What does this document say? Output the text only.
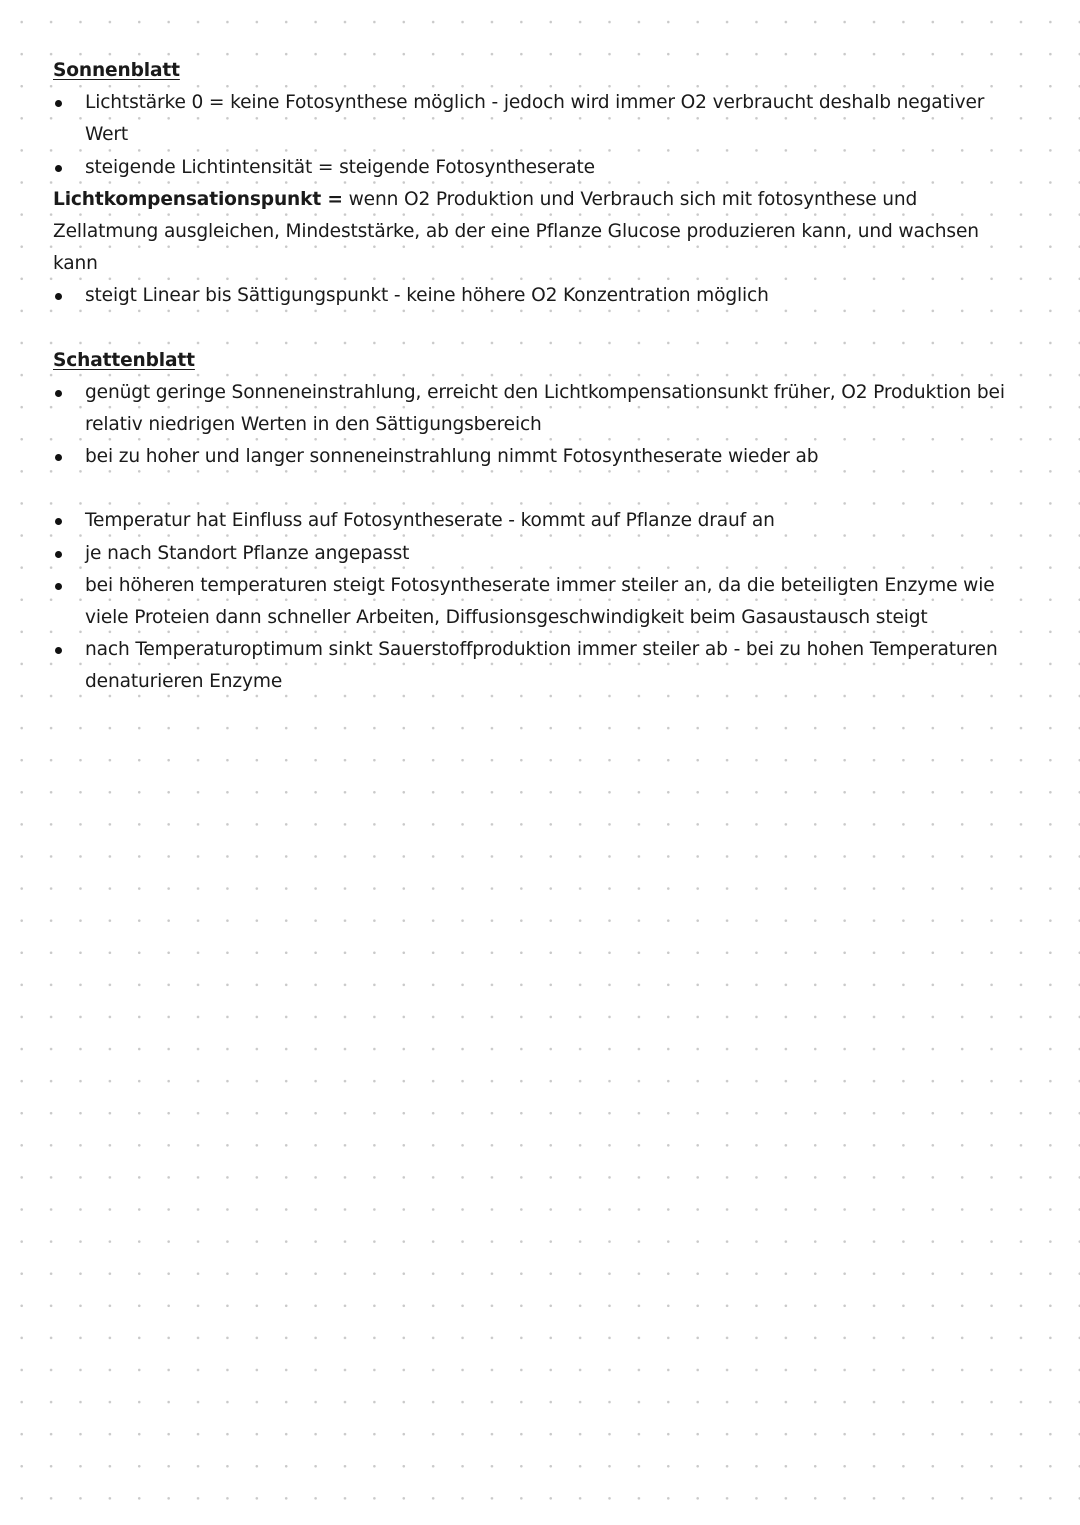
Sonnenblatt
Lichtstärke 0 = keine Fotosynthese möglich - jedoch wird immer O2 verbraucht deshalb negativer Wert
steigende Lichtintensität = steigende Fotosyntheserate

Lichtkompensationspunkt = wenn O2 Produktion und Verbrauch sich mit fotosynthese und Zellatmung ausgleichen, Mindeststärke, ab der eine Pflanze Glucose produzieren kann, und wachsen kann

steigt Linear bis Sättigungspunkt - keine höhere O2 Konzentration möglich
Schattenblatt
genügt geringe Sonneneinstrahlung, erreicht den Lichtkompensationsunkt früher, O2 Produktion bei relativ niedrigen Werten in den Sättigungsbereich
bei zu hoher und langer sonneneinstrahlung nimmt Fotosyntheserate wieder ab
Temperatur hat Einfluss auf Fotosyntheserate - kommt auf Pflanze drauf an
je nach Standort Pflanze angepasst
bei höheren temperaturen steigt Fotosyntheserate immer steiler an, da die beteiligten Enzyme wie viele Proteien dann schneller Arbeiten, Diffusionsgeschwindigkeit beim Gasaustausch steigt
nach Temperaturoptimum sinkt Sauerstoffproduktion immer steiler ab - bei zu hohen Temperaturen denaturieren Enzyme
